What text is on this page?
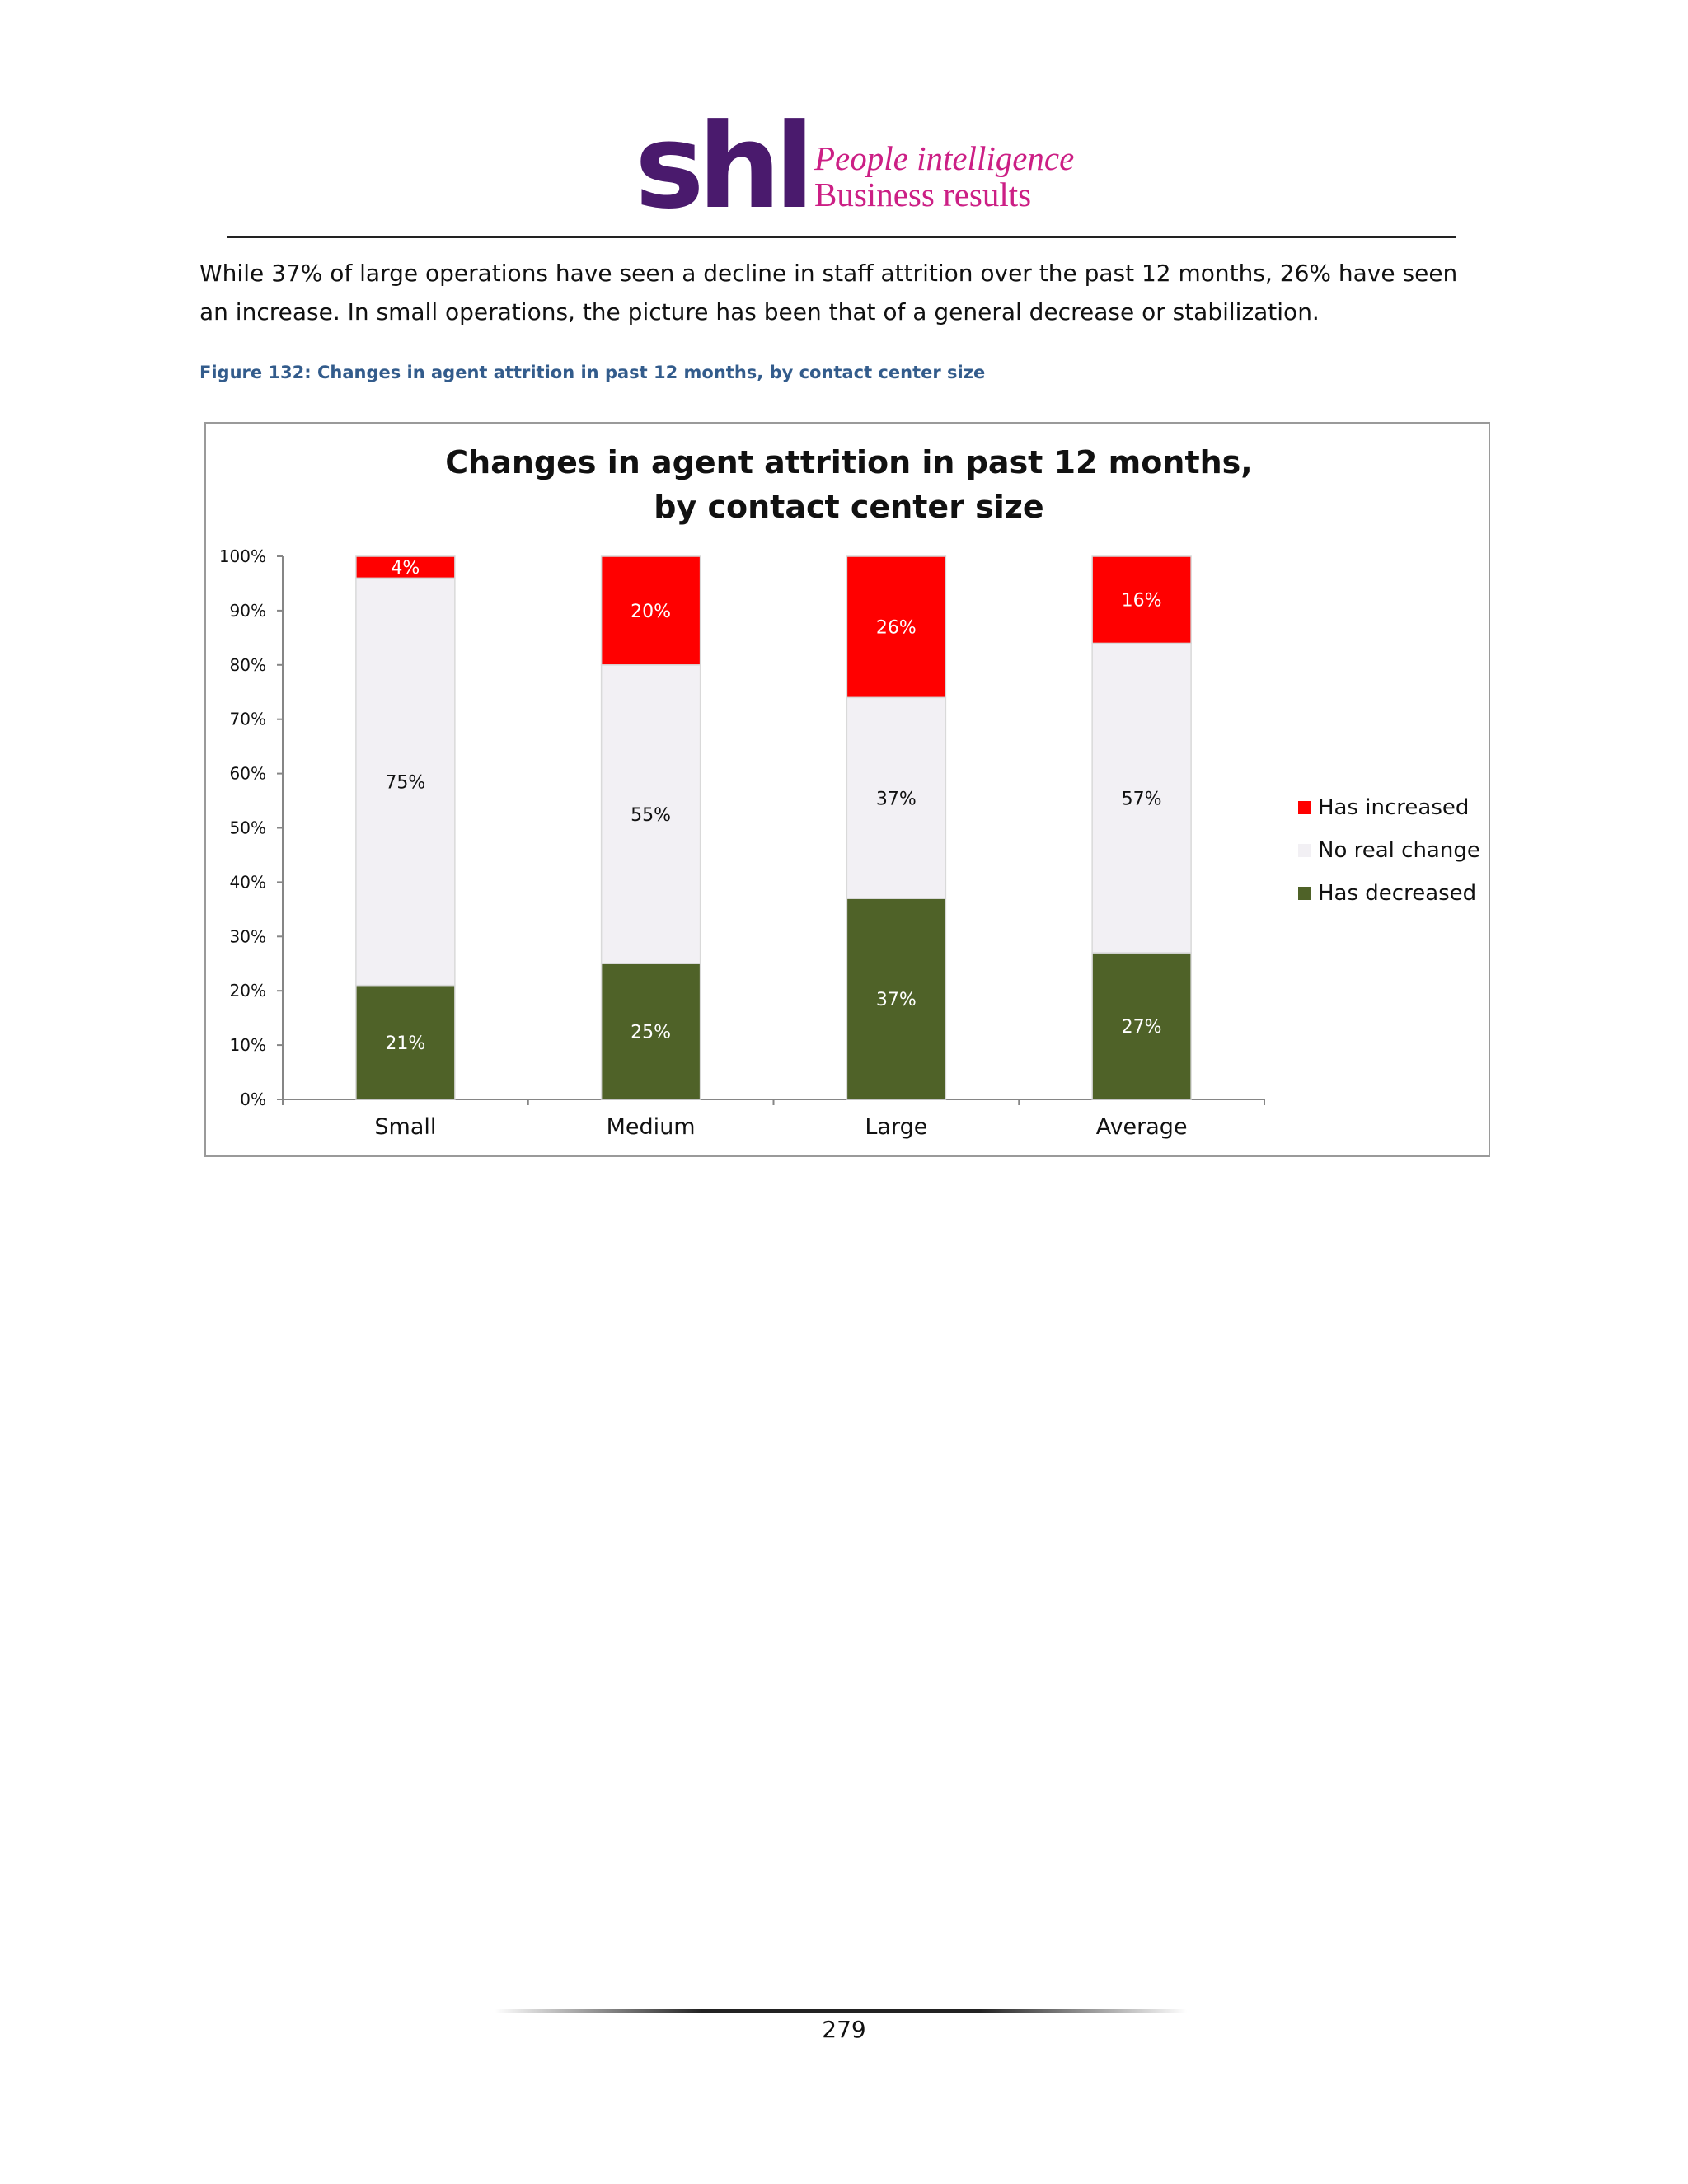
shl People intelligence
Business results
While 37% of large operations have seen a decline in staff attrition over the past 12 months, 26% have seen an increase. In small operations, the picture has been that of a general decrease or stabilization.
Figure 132: Changes in agent attrition in past 12 months, by contact center size
Changes in agent attrition in past 12 months,
by contact center size
0%
10%
20%
30%
40%
50%
60%
70%
80%
90%
100%
21%
75%
4%
Small
25%
55%
20%
Medium
37%
37%
26%
Large
27%
57%
16%
Average
Has increased
No real change
Has decreased
279
